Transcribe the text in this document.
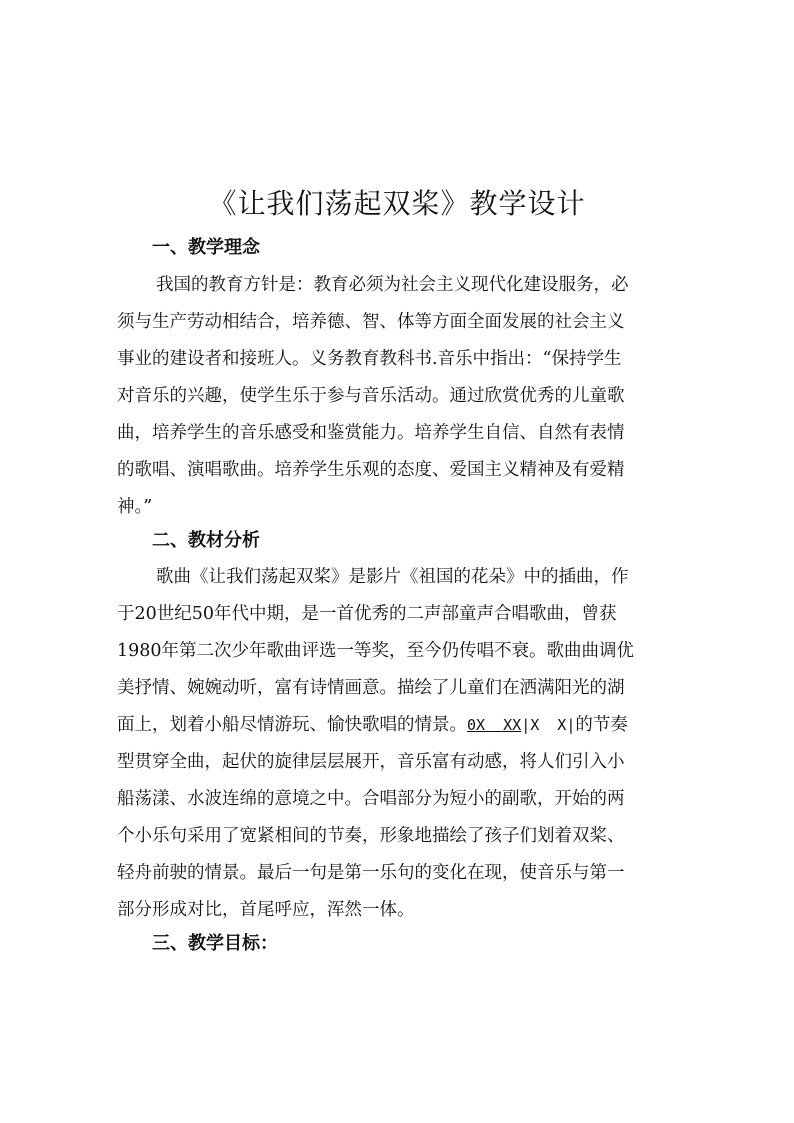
《让我们荡起双桨》教学设计
一、教学理念
我国的教育方针是：教育必须为社会主义现代化建设服务，必
须与生产劳动相结合，培养德、智、体等方面全面发展的社会主义
事业的建设者和接班人。义务教育教科书.音乐中指出：“保持学生
对音乐的兴趣，使学生乐于参与音乐活动。通过欣赏优秀的儿童歌
曲，培养学生的音乐感受和鉴赏能力。培养学生自信、自然有表情
的歌唱、演唱歌曲。培养学生乐观的态度、爱国主义精神及有爱精
神。”
二、教材分析
歌曲《让我们荡起双桨》是影片《祖国的花朵》中的插曲，作
于20世纪50年代中期，是一首优秀的二声部童声合唱歌曲，曾获
1980年第二次少年歌曲评选一等奖，至今仍传唱不衰。歌曲曲调优
美抒情、婉婉动听，富有诗情画意。描绘了儿童们在洒满阳光的湖
面上，划着小船尽情游玩、愉快歌唱的情景。0X  XX|X  X|的节奏
型贯穿全曲，起伏的旋律层层展开，音乐富有动感，将人们引入小
船荡漾、水波连绵的意境之中。合唱部分为短小的副歌，开始的两
个小乐句采用了宽紧相间的节奏，形象地描绘了孩子们划着双桨、
轻舟前驶的情景。最后一句是第一乐句的变化在现，使音乐与第一
部分形成对比，首尾呼应，浑然一体。
三、教学目标：
